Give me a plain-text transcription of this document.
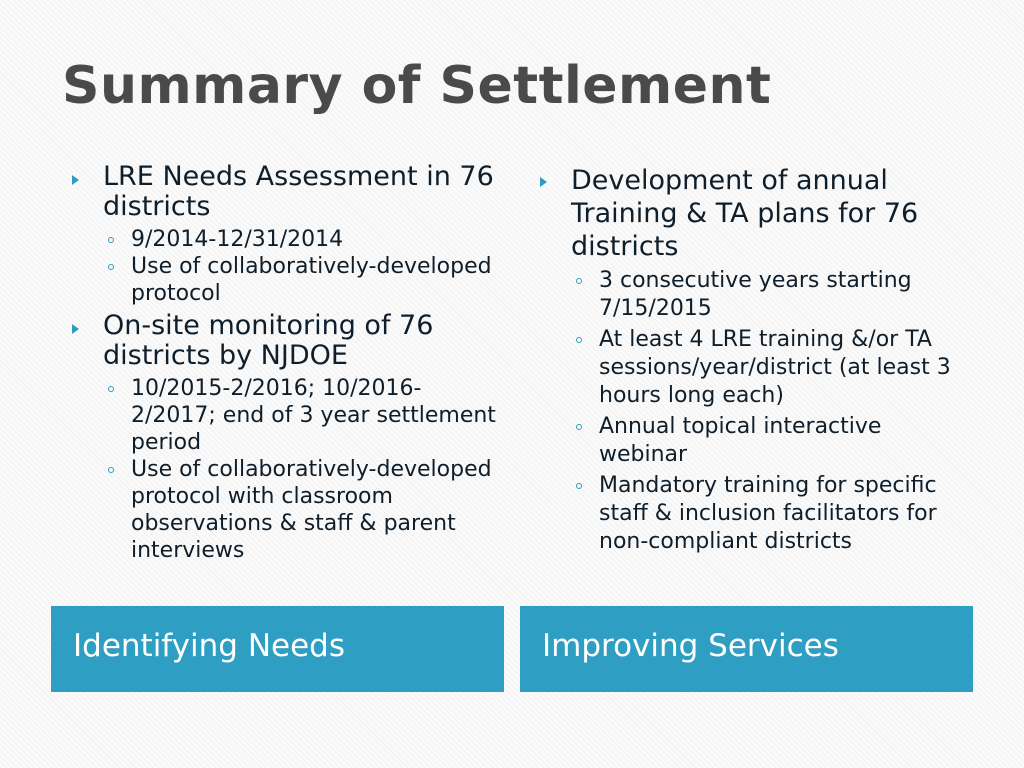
Summary of Settlement
LRE Needs Assessment in 76 districts
9/2014-12/31/2014
Use of collaboratively-developed protocol
On-site monitoring of 76 districts by NJDOE
10/2015-2/2016; 10/2016-2/2017; end of 3 year settlement period
Use of collaboratively-developed protocol with classroom observations & staff & parent interviews
Development of annual Training & TA plans for 76 districts
3 consecutive years starting 7/15/2015
At least 4 LRE training &/or TA sessions/year/district (at least 3 hours long each)
Annual topical interactive webinar
Mandatory training for specific staff & inclusion facilitators for non-compliant districts
Identifying Needs	Improving Services
